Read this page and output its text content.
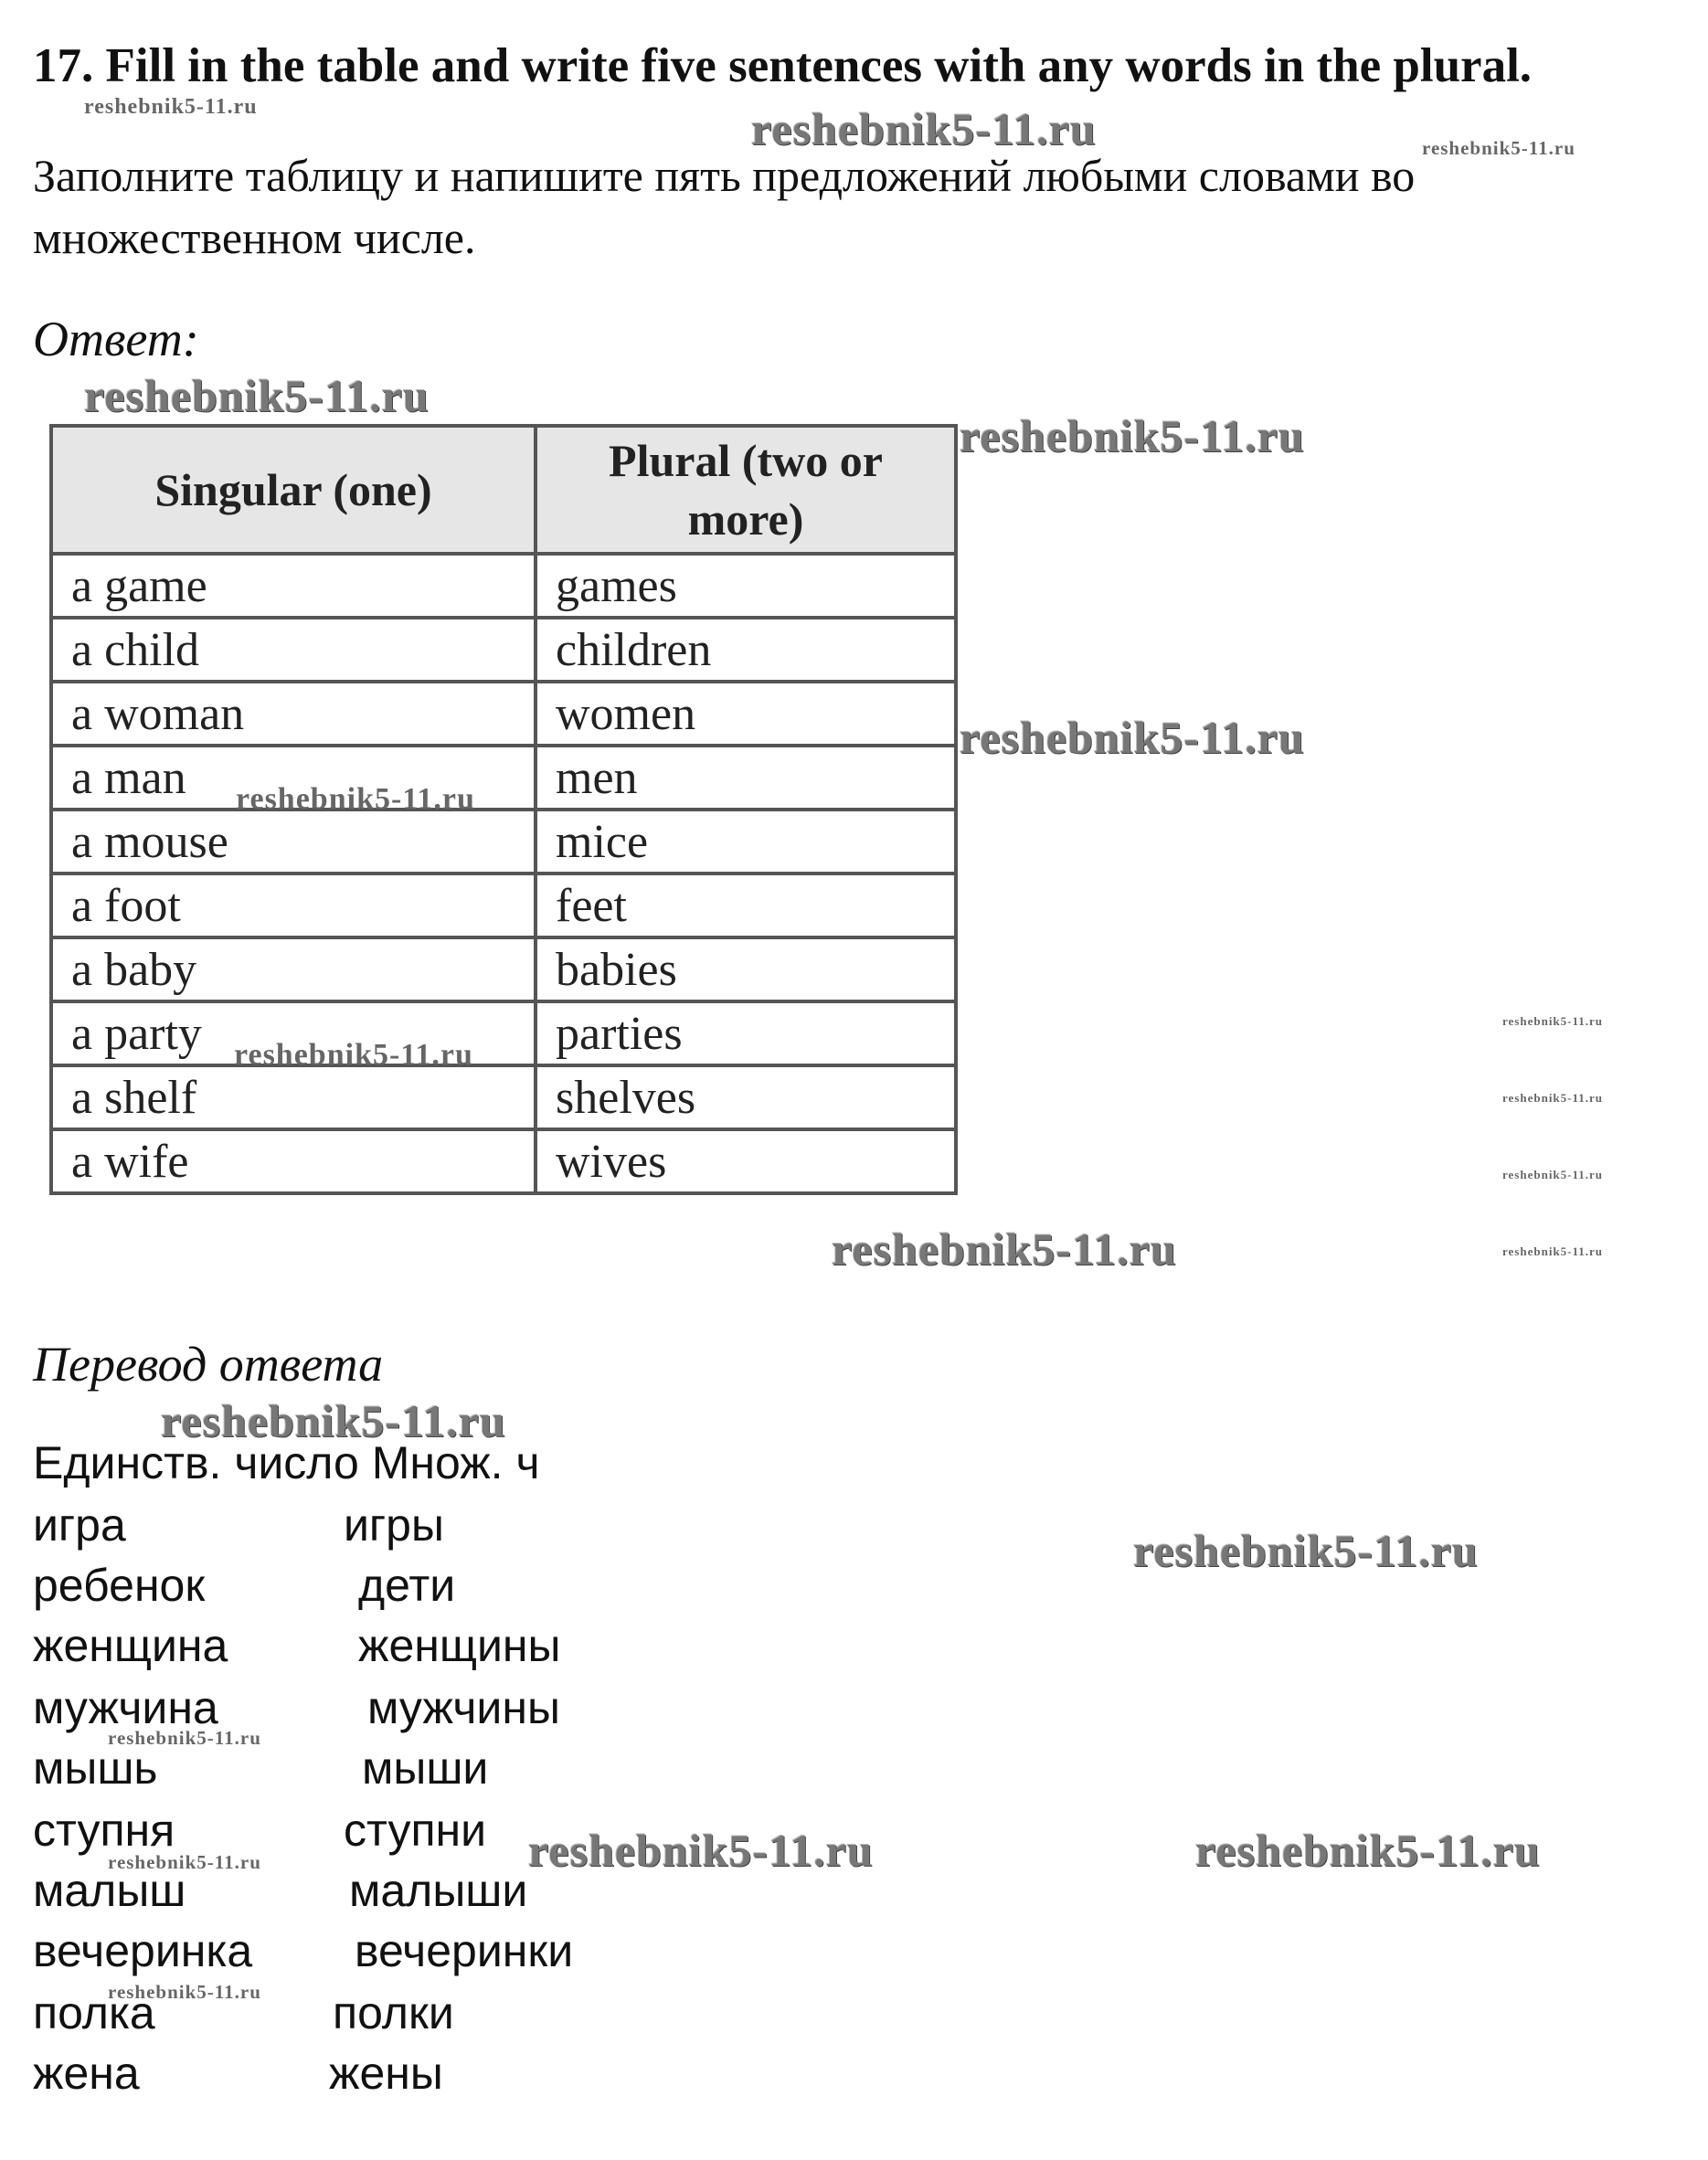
17. Fill in the table and write five sentences with any words in the plural.
Заполните таблицу и напишите пять предложений любыми словами во множественном числе.
Ответ:
Singular (one)	Plural (two or more)
a game	games
a child	children
a woman	women
a man	men
a mouse	mice
a foot	feet
a baby	babies
a party	parties
a shelf	shelves
a wife	wives
Перевод ответа
Единств. число Множ. ч
игра	игры
ребенок	дети
женщина	женщины
мужчина	мужчины
мышь	мыши
ступня	ступни
малыш	малыши
вечеринка вечеринки
полка	полки
жена	жены
reshebnik5-11.ru	reshebnik5-11.ru	reshebnik5-11.ru
reshebnik5-11.ru
reshebnik5-11.ru
reshebnik5-11.ru
reshebnik5-11.ru
reshebnik5-11.ru
reshebnik5-11.ru
reshebnik5-11.ru
reshebnik5-11.ru
reshebnik5-11.ru
reshebnik5-11.ru
reshebnik5-11.ru
reshebnik5-11.ru
reshebnik5-11.ru
reshebnik5-11.ru	reshebnik5-11.ru
reshebnik5-11.ru
reshebnik5-11.ru
